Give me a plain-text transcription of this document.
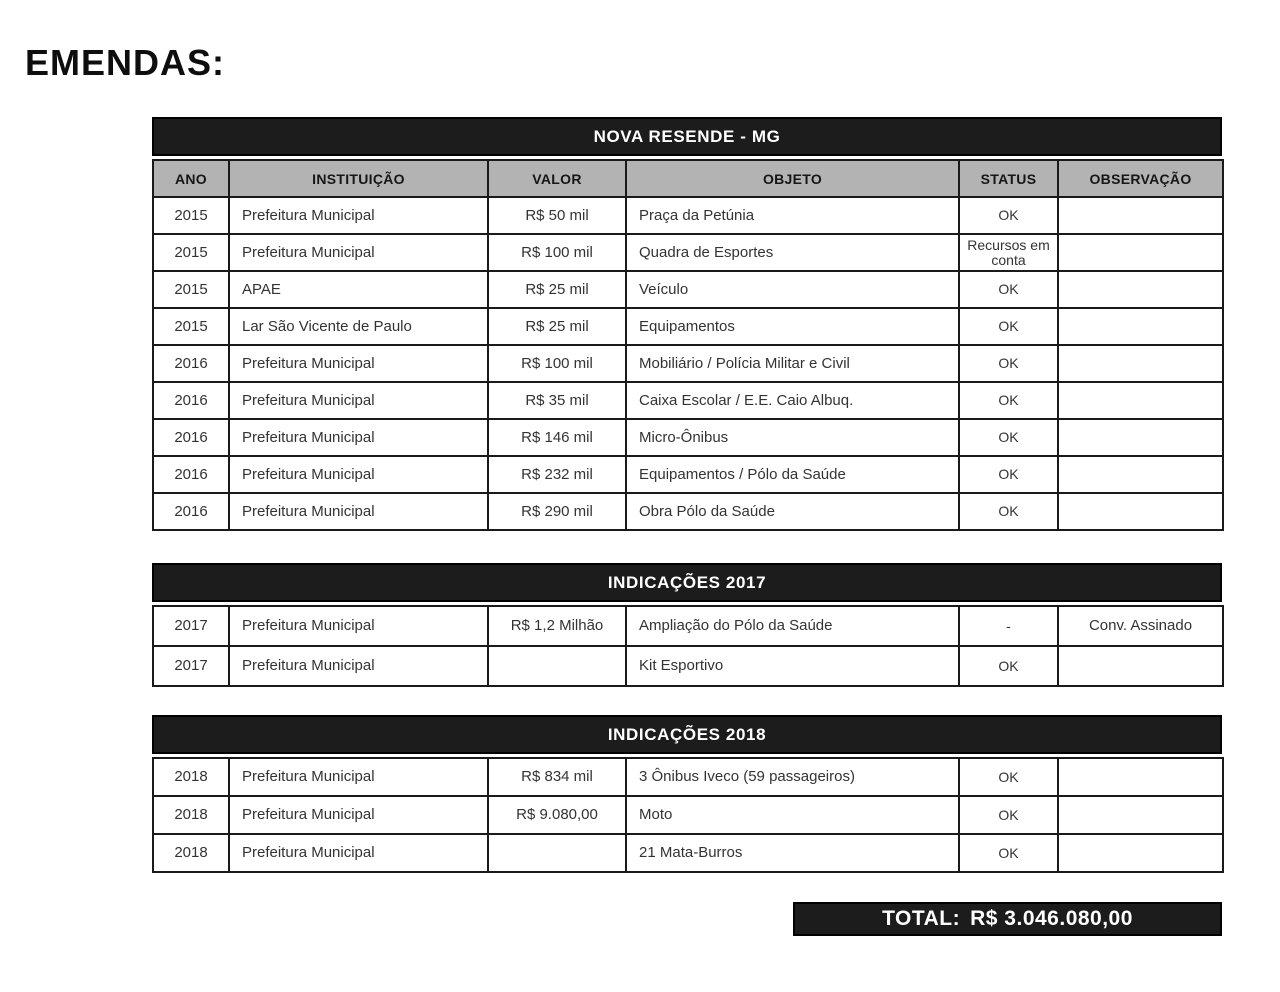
EMENDAS:
NOVA RESENDE - MG
ANO	INSTITUIÇÃO	VALOR	OBJETO	STATUS	OBSERVAÇÃO
2015	Prefeitura Municipal	R$ 50 mil	Praça da Petúnia	OK	
2015	Prefeitura Municipal	R$ 100 mil	Quadra de Esportes	Recursos em conta	
2015	APAE	R$ 25 mil	Veículo	OK	
2015	Lar São Vicente de Paulo	R$ 25 mil	Equipamentos	OK	
2016	Prefeitura Municipal	R$ 100 mil	Mobiliário / Polícia Militar e Civil	OK	
2016	Prefeitura Municipal	R$ 35 mil	Caixa Escolar / E.E. Caio Albuq.	OK	
2016	Prefeitura Municipal	R$ 146 mil	Micro-Ônibus	OK	
2016	Prefeitura Municipal	R$ 232 mil	Equipamentos / Pólo da Saúde	OK	
2016	Prefeitura Municipal	R$ 290 mil	Obra Pólo da Saúde	OK	
INDICAÇÕES 2017
2017	Prefeitura Municipal	R$ 1,2 Milhão	Ampliação do Pólo da Saúde	-	Conv. Assinado
2017	Prefeitura Municipal		Kit Esportivo	OK	
INDICAÇÕES 2018
2018	Prefeitura Municipal	R$ 834 mil	3 Ônibus Iveco (59 passageiros)	OK	
2018	Prefeitura Municipal	R$ 9.080,00	Moto	OK	
2018	Prefeitura Municipal		21 Mata-Burros	OK	
TOTAL: R$ 3.046.080,00
